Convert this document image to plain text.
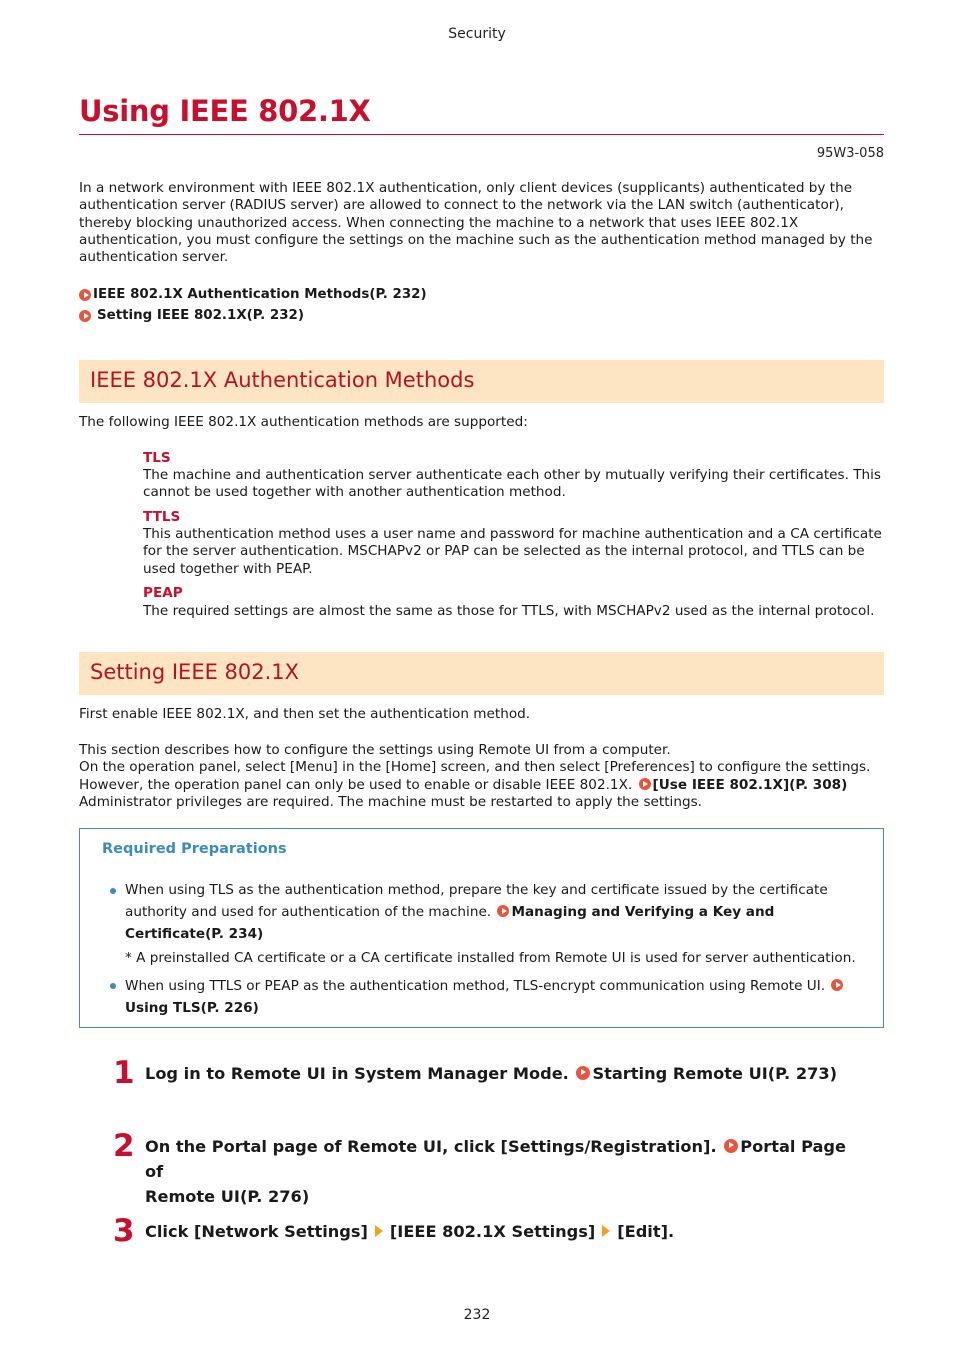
Security
Using IEEE 802.1X
95W3-058
In a network environment with IEEE 802.1X authentication, only client devices (supplicants) authenticated by the
authentication server (RADIUS server) are allowed to connect to the network via the LAN switch (authenticator),
thereby blocking unauthorized access. When connecting the machine to a network that uses IEEE 802.1X
authentication, you must configure the settings on the machine such as the authentication method managed by the
authentication server.
IEEE 802.1X Authentication Methods(P. 232)
Setting IEEE 802.1X(P. 232)
IEEE 802.1X Authentication Methods
The following IEEE 802.1X authentication methods are supported:
TLS
The machine and authentication server authenticate each other by mutually verifying their certificates. This
cannot be used together with another authentication method.
TTLS
This authentication method uses a user name and password for machine authentication and a CA certificate
for the server authentication. MSCHAPv2 or PAP can be selected as the internal protocol, and TTLS can be
used together with PEAP.
PEAP
The required settings are almost the same as those for TTLS, with MSCHAPv2 used as the internal protocol.
Setting IEEE 802.1X
First enable IEEE 802.1X, and then set the authentication method.
This section describes how to configure the settings using Remote UI from a computer.
On the operation panel, select [Menu] in the [Home] screen, and then select [Preferences] to configure the settings.
However, the operation panel can only be used to enable or disable IEEE 802.1X. [Use IEEE 802.1X](P. 308)
Administrator privileges are required. The machine must be restarted to apply the settings.
Required Preparations
When using TLS as the authentication method, prepare the key and certificate issued by the certificate
authority and used for authentication of the machine. Managing and Verifying a Key and
Certificate(P. 234)
* A preinstalled CA certificate or a CA certificate installed from Remote UI is used for server authentication.
When using TTLS or PEAP as the authentication method, TLS-encrypt communication using Remote UI.
Using TLS(P. 226)
1 Log in to Remote UI in System Manager Mode. Starting Remote UI(P. 273)
2 On the Portal page of Remote UI, click [Settings/Registration]. Portal Page of
Remote UI(P. 276)
3 Click [Network Settings] [IEEE 802.1X Settings] [Edit].
232
